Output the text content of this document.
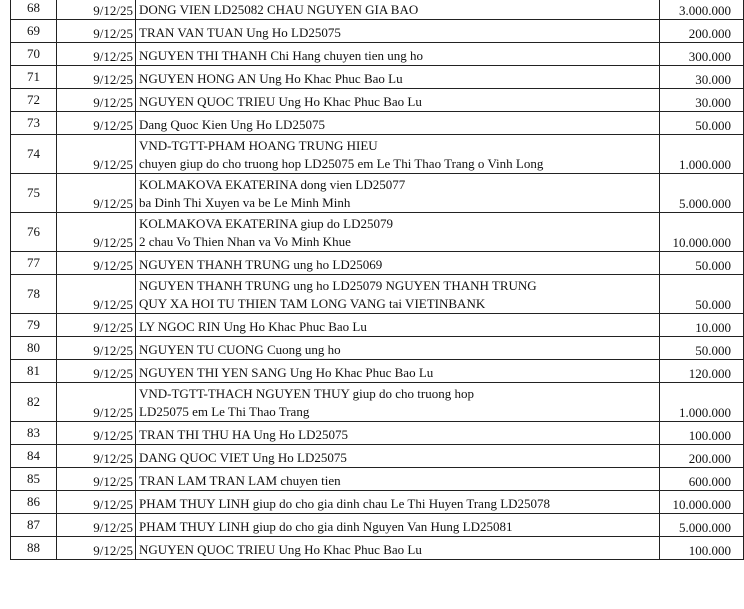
68	9/12/25	DONG VIEN LD25082 CHAU NGUYEN GIA BAO	3.000.000
69	9/12/25	TRAN VAN TUAN Ung Ho LD25075	200.000
70	9/12/25	NGUYEN THI THANH Chi Hang chuyen tien ung ho	300.000
71	9/12/25	NGUYEN HONG AN Ung Ho Khac Phuc Bao Lu	30.000
72	9/12/25	NGUYEN QUOC TRIEU Ung Ho Khac Phuc Bao Lu	30.000
73	9/12/25	Dang Quoc Kien Ung Ho LD25075	50.000
74	9/12/25	VND-TGTT-PHAM HOANG TRUNG HIEU
chuyen giup do cho truong hop LD25075 em Le Thi Thao Trang o Vinh Long	1.000.000
75	9/12/25	KOLMAKOVA EKATERINA dong vien LD25077
ba Dinh Thi Xuyen va be Le Minh Minh	5.000.000
76	9/12/25	KOLMAKOVA EKATERINA giup do LD25079
2 chau Vo Thien Nhan va Vo Minh Khue	10.000.000
77	9/12/25	NGUYEN THANH TRUNG ung ho LD25069	50.000
78	9/12/25	NGUYEN THANH TRUNG ung ho LD25079 NGUYEN THANH TRUNG
QUY XA HOI TU THIEN TAM LONG VANG tai VIETINBANK	50.000
79	9/12/25	LY NGOC RIN Ung Ho Khac Phuc Bao Lu	10.000
80	9/12/25	NGUYEN TU CUONG Cuong ung ho	50.000
81	9/12/25	NGUYEN THI YEN SANG Ung Ho Khac Phuc Bao Lu	120.000
82	9/12/25	VND-TGTT-THACH NGUYEN THUY giup do cho truong hop
LD25075 em Le Thi Thao Trang	1.000.000
83	9/12/25	TRAN THI THU HA Ung Ho LD25075	100.000
84	9/12/25	DANG QUOC VIET Ung Ho LD25075	200.000
85	9/12/25	TRAN LAM TRAN LAM chuyen tien	600.000
86	9/12/25	PHAM THUY LINH giup do cho gia dinh chau Le Thi Huyen Trang LD25078	10.000.000
87	9/12/25	PHAM THUY LINH giup do cho gia dinh Nguyen Van Hung LD25081	5.000.000
88	9/12/25	NGUYEN QUOC TRIEU Ung Ho Khac Phuc Bao Lu	100.000
